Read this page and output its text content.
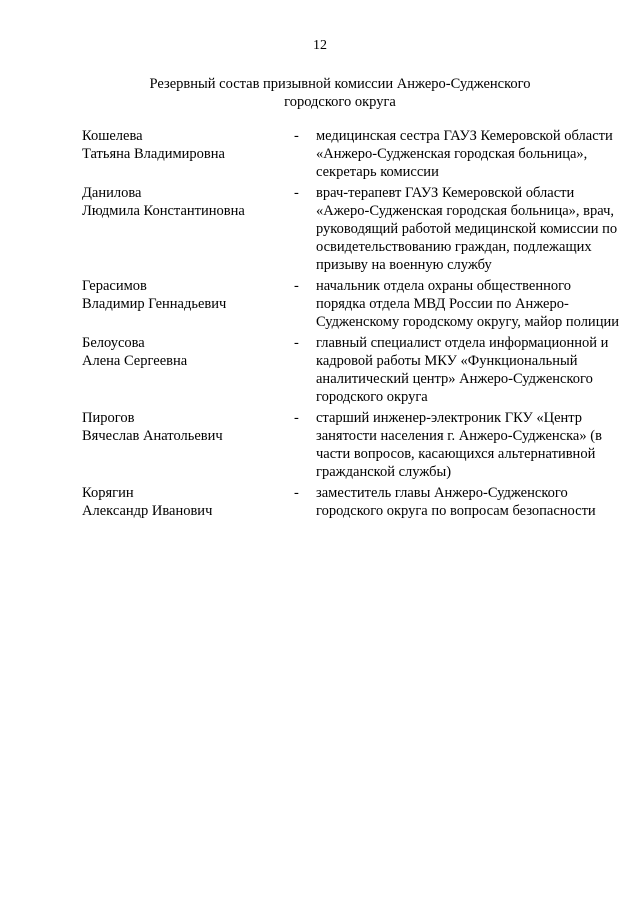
12
Резервный состав призывной комиссии Анжеро-Судженского
городского округа
Кошелева
Татьяна Владимировна
-	медицинская сестра ГАУЗ Кемеровской области «Анжеро-Судженская городская больница», секретарь комиссии
Данилова
Людмила Константиновна
-	врач-терапевт ГАУЗ Кемеровской области «Ажеро-Судженская городская больница», врач, руководящий работой медицинской комиссии по освидетельствованию граждан, подлежащих призыву на военную службу
Герасимов
Владимир Геннадьевич
-	начальник отдела охраны общественного порядка отдела МВД России по Анжеро-Судженскому городскому округу, майор полиции
Белоусова
Алена Сергеевна
-	главный специалист отдела информационной и кадровой работы МКУ «Функциональный аналитический центр» Анжеро-Судженского городского округа
Пирогов
Вячеслав Анатольевич
-	старший инженер-электроник ГКУ «Центр занятости населения г. Анжеро-Судженска» (в части вопросов, касающихся альтернативной гражданской службы)
Корягин
Александр Иванович
-	заместитель главы Анжеро-Судженского городского округа по вопросам безопасности
